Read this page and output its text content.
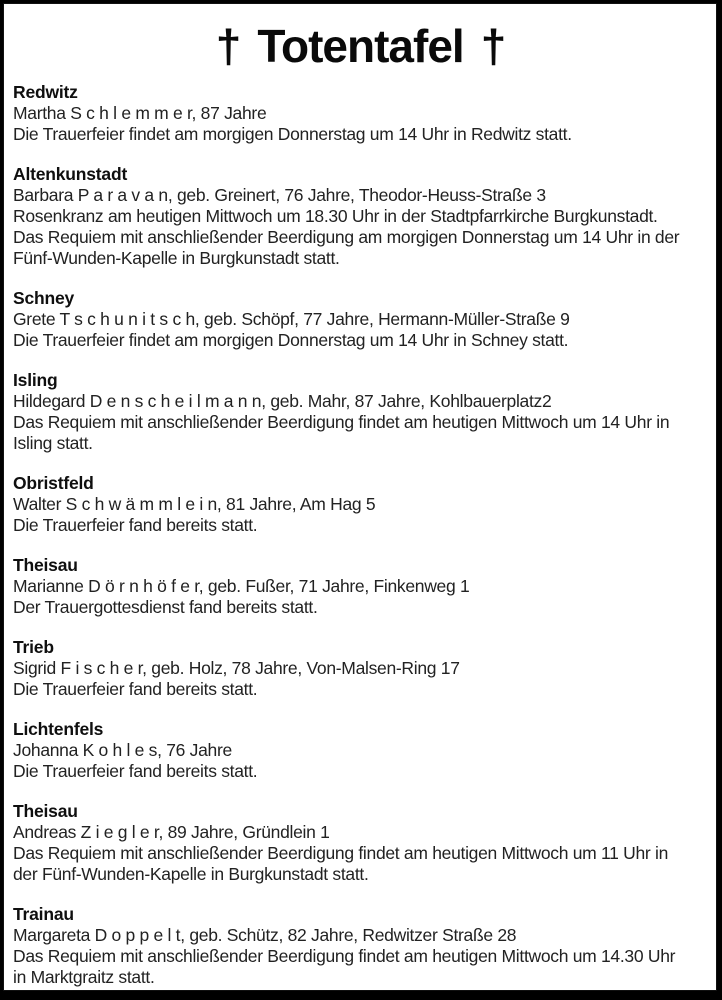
† Totentafel †
Redwitz

Martha S c h l e m m e r, 87 Jahre

Die Trauerfeier findet am morgigen Donnerstag um 14 Uhr in Redwitz statt.

Altenkunstadt

Barbara P a r a v a n, geb. Greinert, 76 Jahre, Theodor-Heuss-Straße 3

Rosenkranz am heutigen Mittwoch um 18.30 Uhr in der Stadtpfarrkirche Burgkunstadt.

Das Requiem mit anschließender Beerdigung am morgigen Donnerstag um 14 Uhr in der

Fünf-Wunden-Kapelle in Burgkunstadt statt.

Schney

Grete T s c h u n i t s c h, geb. Schöpf, 77 Jahre, Hermann-Müller-Straße 9

Die Trauerfeier findet am morgigen Donnerstag um 14 Uhr in Schney statt.

Isling

Hildegard D e n s c h e i l m a n n, geb. Mahr, 87 Jahre, Kohlbauerplatz2

Das Requiem mit anschließender Beerdigung findet am heutigen Mittwoch um 14 Uhr in

Isling statt.

Obristfeld

Walter S c h w ä m m l e i n, 81 Jahre, Am Hag 5

Die Trauerfeier fand bereits statt.

Theisau

Marianne D ö r n h ö f e r, geb. Fußer, 71 Jahre, Finkenweg 1

Der Trauergottesdienst fand bereits statt.

Trieb

Sigrid F i s c h e r, geb. Holz, 78 Jahre, Von-Malsen-Ring 17

Die Trauerfeier fand bereits statt.

Lichtenfels

Johanna K o h l e s, 76 Jahre

Die Trauerfeier fand bereits statt.

Theisau

Andreas Z i e g l e r, 89 Jahre, Gründlein 1

Das Requiem mit anschließender Beerdigung findet am heutigen Mittwoch um 11 Uhr in

der Fünf-Wunden-Kapelle in Burgkunstadt statt.

Trainau

Margareta D o p p e l t, geb. Schütz, 82 Jahre, Redwitzer Straße 28

Das Requiem mit anschließender Beerdigung findet am heutigen Mittwoch um 14.30 Uhr

in Marktgraitz statt.
